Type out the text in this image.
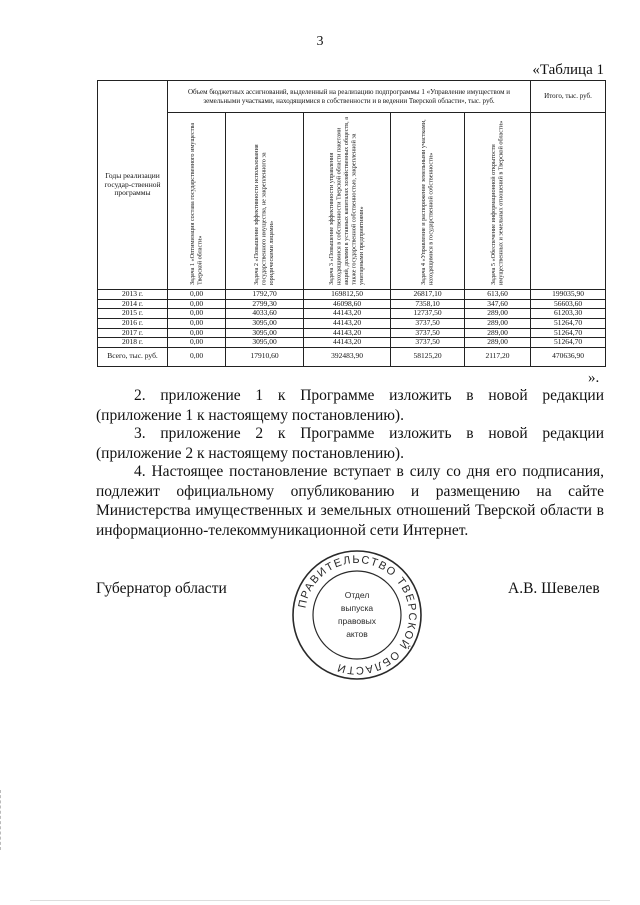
3
«Таблица 1
Годы реализации государ-ственной программы	Объем бюджетных ассигнований, выделенный на реализацию подпрограммы 1 «Управление имуществом и земельными участками, находящимися в собственности и в ведении Тверской области», тыс. руб.					Итого, тыс. руб.
	Задача 1 «Оптимизация состава государственного имущества Тверской области»	Задача 2 «Повышение эффективности использования государственного имущества, не закрепленного за юридическими лицами»	Задача 3 «Повышение эффективности управления находящимися в собственности Тверской области пакетами акций, долями в уставных капиталах хозяйственных обществ, а также государственной собственностью, закрепленной за унитарными предприятиями»	Задача 4 «Управление и распоряжение земельными участками, находящимися в государственной собственности»	Задача 5 «Обеспечение информационной открытости имущественных и земельных отношений в Тверской области»	
2013 г.	0,00	1792,70	169812,50	26817,10	613,60	199035,90
2014 г.	0,00	2799,30	46098,60	7358,10	347,60	56603,60
2015 г.	0,00	4033,60	44143,20	12737,50	289,00	61203,30
2016 г.	0,00	3095,00	44143,20	3737,50	289,00	51264,70
2017 г.	0,00	3095,00	44143,20	3737,50	289,00	51264,70
2018 г.	0,00	3095,00	44143,20	3737,50	289,00	51264,70
Всего, тыс. руб.	0,00	17910,60	392483,90	58125,20	2117,20	470636,90
».
2. приложение 1 к Программе изложить в новой редакции (приложение 1 к настоящему постановлению).
3. приложение 2 к Программе изложить в новой редакции (приложение 2 к настоящему постановлению).
4. Настоящее постановление вступает в силу со дня его подписания, подлежит официальному опубликованию и размещению на сайте Министерства имущественных и земельных отношений Тверской области в информационно-телекоммуникационной сети Интернет.
Губернатор области	А.В. Шевелев
ПРАВИТЕЛЬСТВО ТВЕРСКОЙ ОБЛАСТИ
Отдел
выпуска
правовых
актов
